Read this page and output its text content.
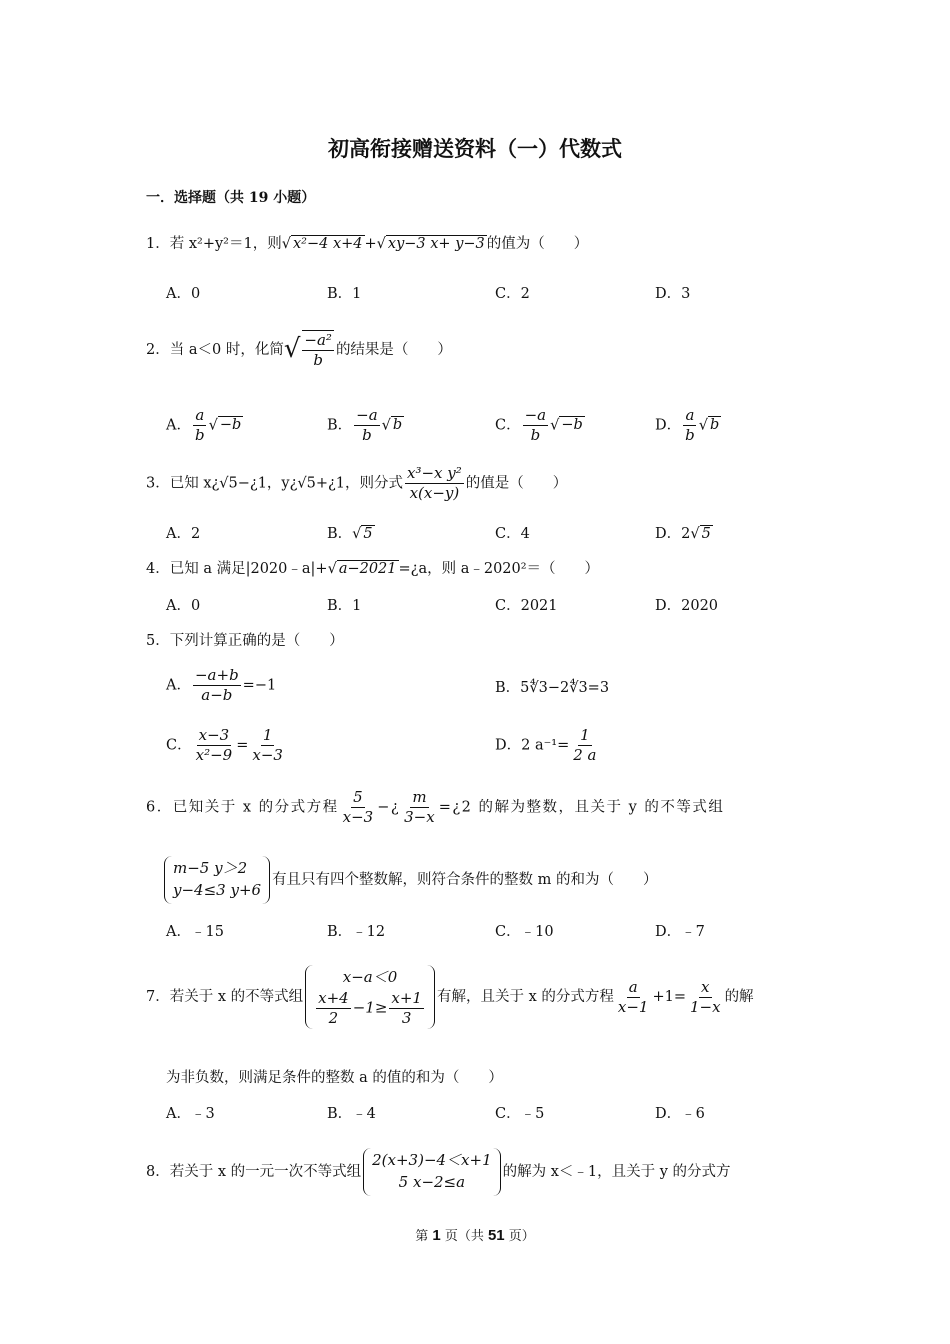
初高衔接赠送资料（一）代数式
一．选择题（共 19 小题）
1．若 x²+y²＝1，则√ x²−4 x+4 +√ xy−3 x+ y−3 的值为（　　）
A．0	B．1	C．2	D．3
2．当 a＜0 时，化简√ $\frac{\text{−a²}}{b}$ 的结果是（　　）
A． $\frac{a}{b}$ √ −b	B． $\frac{-a}{b}$ √ b	C． $\frac{-a}{b}$ √ −b	D． $\frac{a}{b}$ √ b
3．已知 x¿√5−¿1，y¿√5+¿1，则分式 $\frac{\text{x³−x y²}}{x(x-y)}$ 的值是（　　）
A．2	B．√ 5	C．4	D．2√ 5
4．已知 a 满足|2020﹣a|+√ a−2021 =¿a，则 a﹣2020²＝（　　）
A．0	B．1	C．2021	D．2020
5．下列计算正确的是（　　）
A． $\frac{-a+b}{a-b} =-1$	B．5∜3−2∜3=3
C． $\frac{x-3}{\text{x²−9}} = \frac{1}{x-3}$	D．2 $a^{-1}= \frac{1}{2 a}$
6．已知关于 x 的分式方程 $\frac{5}{x-3}$ −¿ $\frac{m}{3-x}$ =¿2 的解为整数，且关于 y 的不等式组
m−5 y＞2
y−4≤3 y+6
有且只有四个整数解，则符合条件的整数 m 的和为（　　）
A．﹣15	B．﹣12	C．﹣10	D．﹣7
7．若关于 x 的不等式组
x−a＜0
$\frac{x+4}{2} -1\ge \frac{x+1}{3}$ 有解，且关于 x 的分式方程 $\frac{a}{x-1} +1= \frac{x}{1-x}$ 的解
为非负数，则满足条件的整数 a 的值的和为（　　）
A．﹣3	B．﹣4	C．﹣5	D．﹣6
8．若关于 x 的一元一次不等式组
2(x+3)−4＜x+1
5 x−2≤a
的解为 x＜﹣1，且关于 y 的分式方
第 1 页（共 51 页）
